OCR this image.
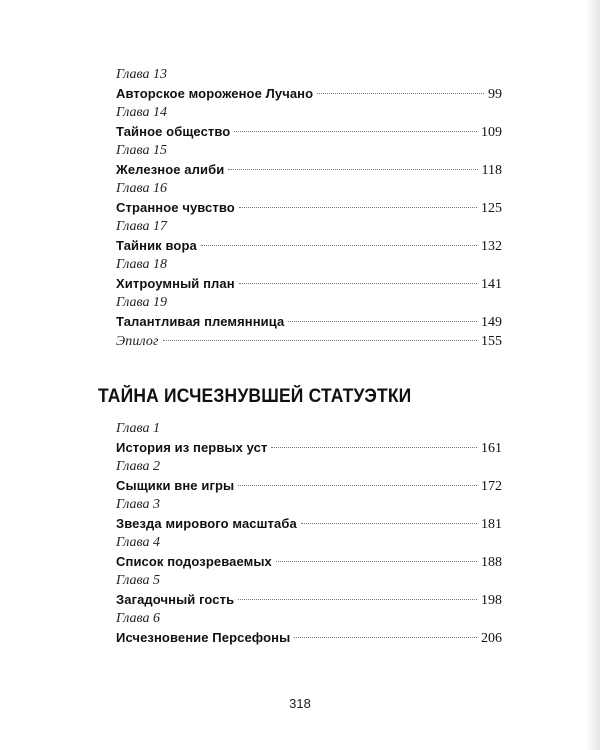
Глава 13
Авторское мороженое Лучано	99
Глава 14
Тайное общество	109
Глава 15
Железное алиби	118
Глава 16
Странное чувство	125
Глава 17
Тайник вора	132
Глава 18
Хитроумный план	141
Глава 19
Талантливая племянница	149
Эпилог	155
ТАЙНА ИСЧЕЗНУВШЕЙ СТАТУЭТКИ
Глава 1
История из первых уст	161
Глава 2
Сыщики вне игры	172
Глава 3
Звезда мирового масштаба	181
Глава 4
Список подозреваемых	188
Глава 5
Загадочный гость	198
Глава 6
Исчезновение Персефоны	206
318
